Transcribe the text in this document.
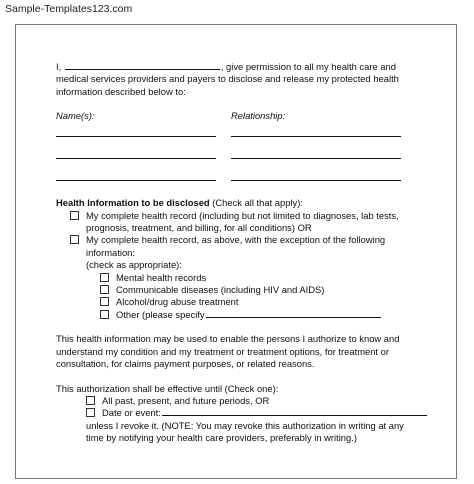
Sample-Templates123.com
I,	, give permission to all my health care and
medical services providers and payers to disclose and release my protected health
information described below to:
Name(s):	Relationship:
Health Information to be disclosed (Check all that apply):
My complete health record (including but not limited to diagnoses, lab tests,
prognosis, treatment, and billing, for all conditions) OR
My complete health record, as above, with the exception of the following
information:
(check as appropriate):
Mental health records
Communicable diseases (including HIV and AIDS)
Alcohol/drug abuse treatment
Other (please specify
This health information may be used to enable the persons I authorize to know and
understand my condition and my treatment or treatment options, for treatment or
consultation, for claims payment purposes, or related reasons.
This authorization shall be effective until (Check one):
All past, present, and future periods, OR
Date or event:
unless I revoke it. (NOTE: You may revoke this authorization in writing at any
time by notifying your health care providers, preferably in writing.)
